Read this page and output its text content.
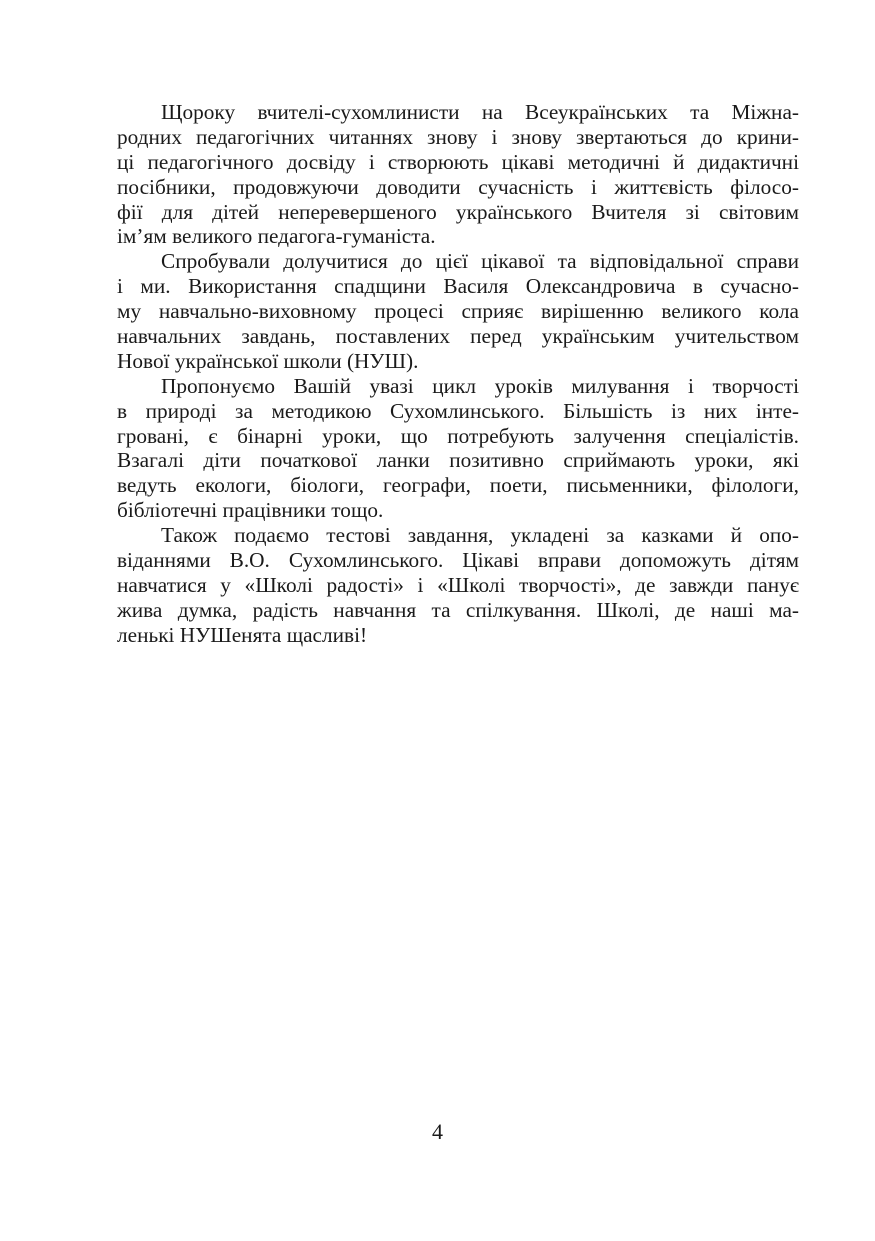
Щороку вчителі-сухомлинисти на Всеукраїнських та Міжна-
родних педагогічних читаннях знову і знову звертаються до крини-
ці педагогічного досвіду і створюють цікаві методичні й дидактичні
посібники, продовжуючи доводити сучасність і життєвість філосо-
фії для дітей неперевершеного українського Вчителя зі світовим
ім’ям великого педагога-гуманіста.
Спробували долучитися до цієї цікавої та відповідальної справи
і ми. Використання спадщини Василя Олександровича в сучасно-
му навчально-виховному процесі сприяє вирішенню великого кола
навчальних завдань, поставлених перед українським учительством
Нової української школи (НУШ).
Пропонуємо Вашій увазі цикл уроків милування і творчості
в природі за методикою Сухомлинського. Більшість із них інте-
гровані, є бінарні уроки, що потребують залучення спеціалістів.
Взагалі діти початкової ланки позитивно сприймають уроки, які
ведуть екологи, біологи, географи, поети, письменники, філологи,
бібліотечні працівники тощо.
Також подаємо тестові завдання, укладені за казками й опо-
віданнями В.О. Сухомлинського. Цікаві вправи допоможуть дітям
навчатися у «Школі радості» і «Школі творчості», де завжди панує
жива думка, радість навчання та спілкування. Школі, де наші ма-
ленькі НУШенята щасливі!
4
